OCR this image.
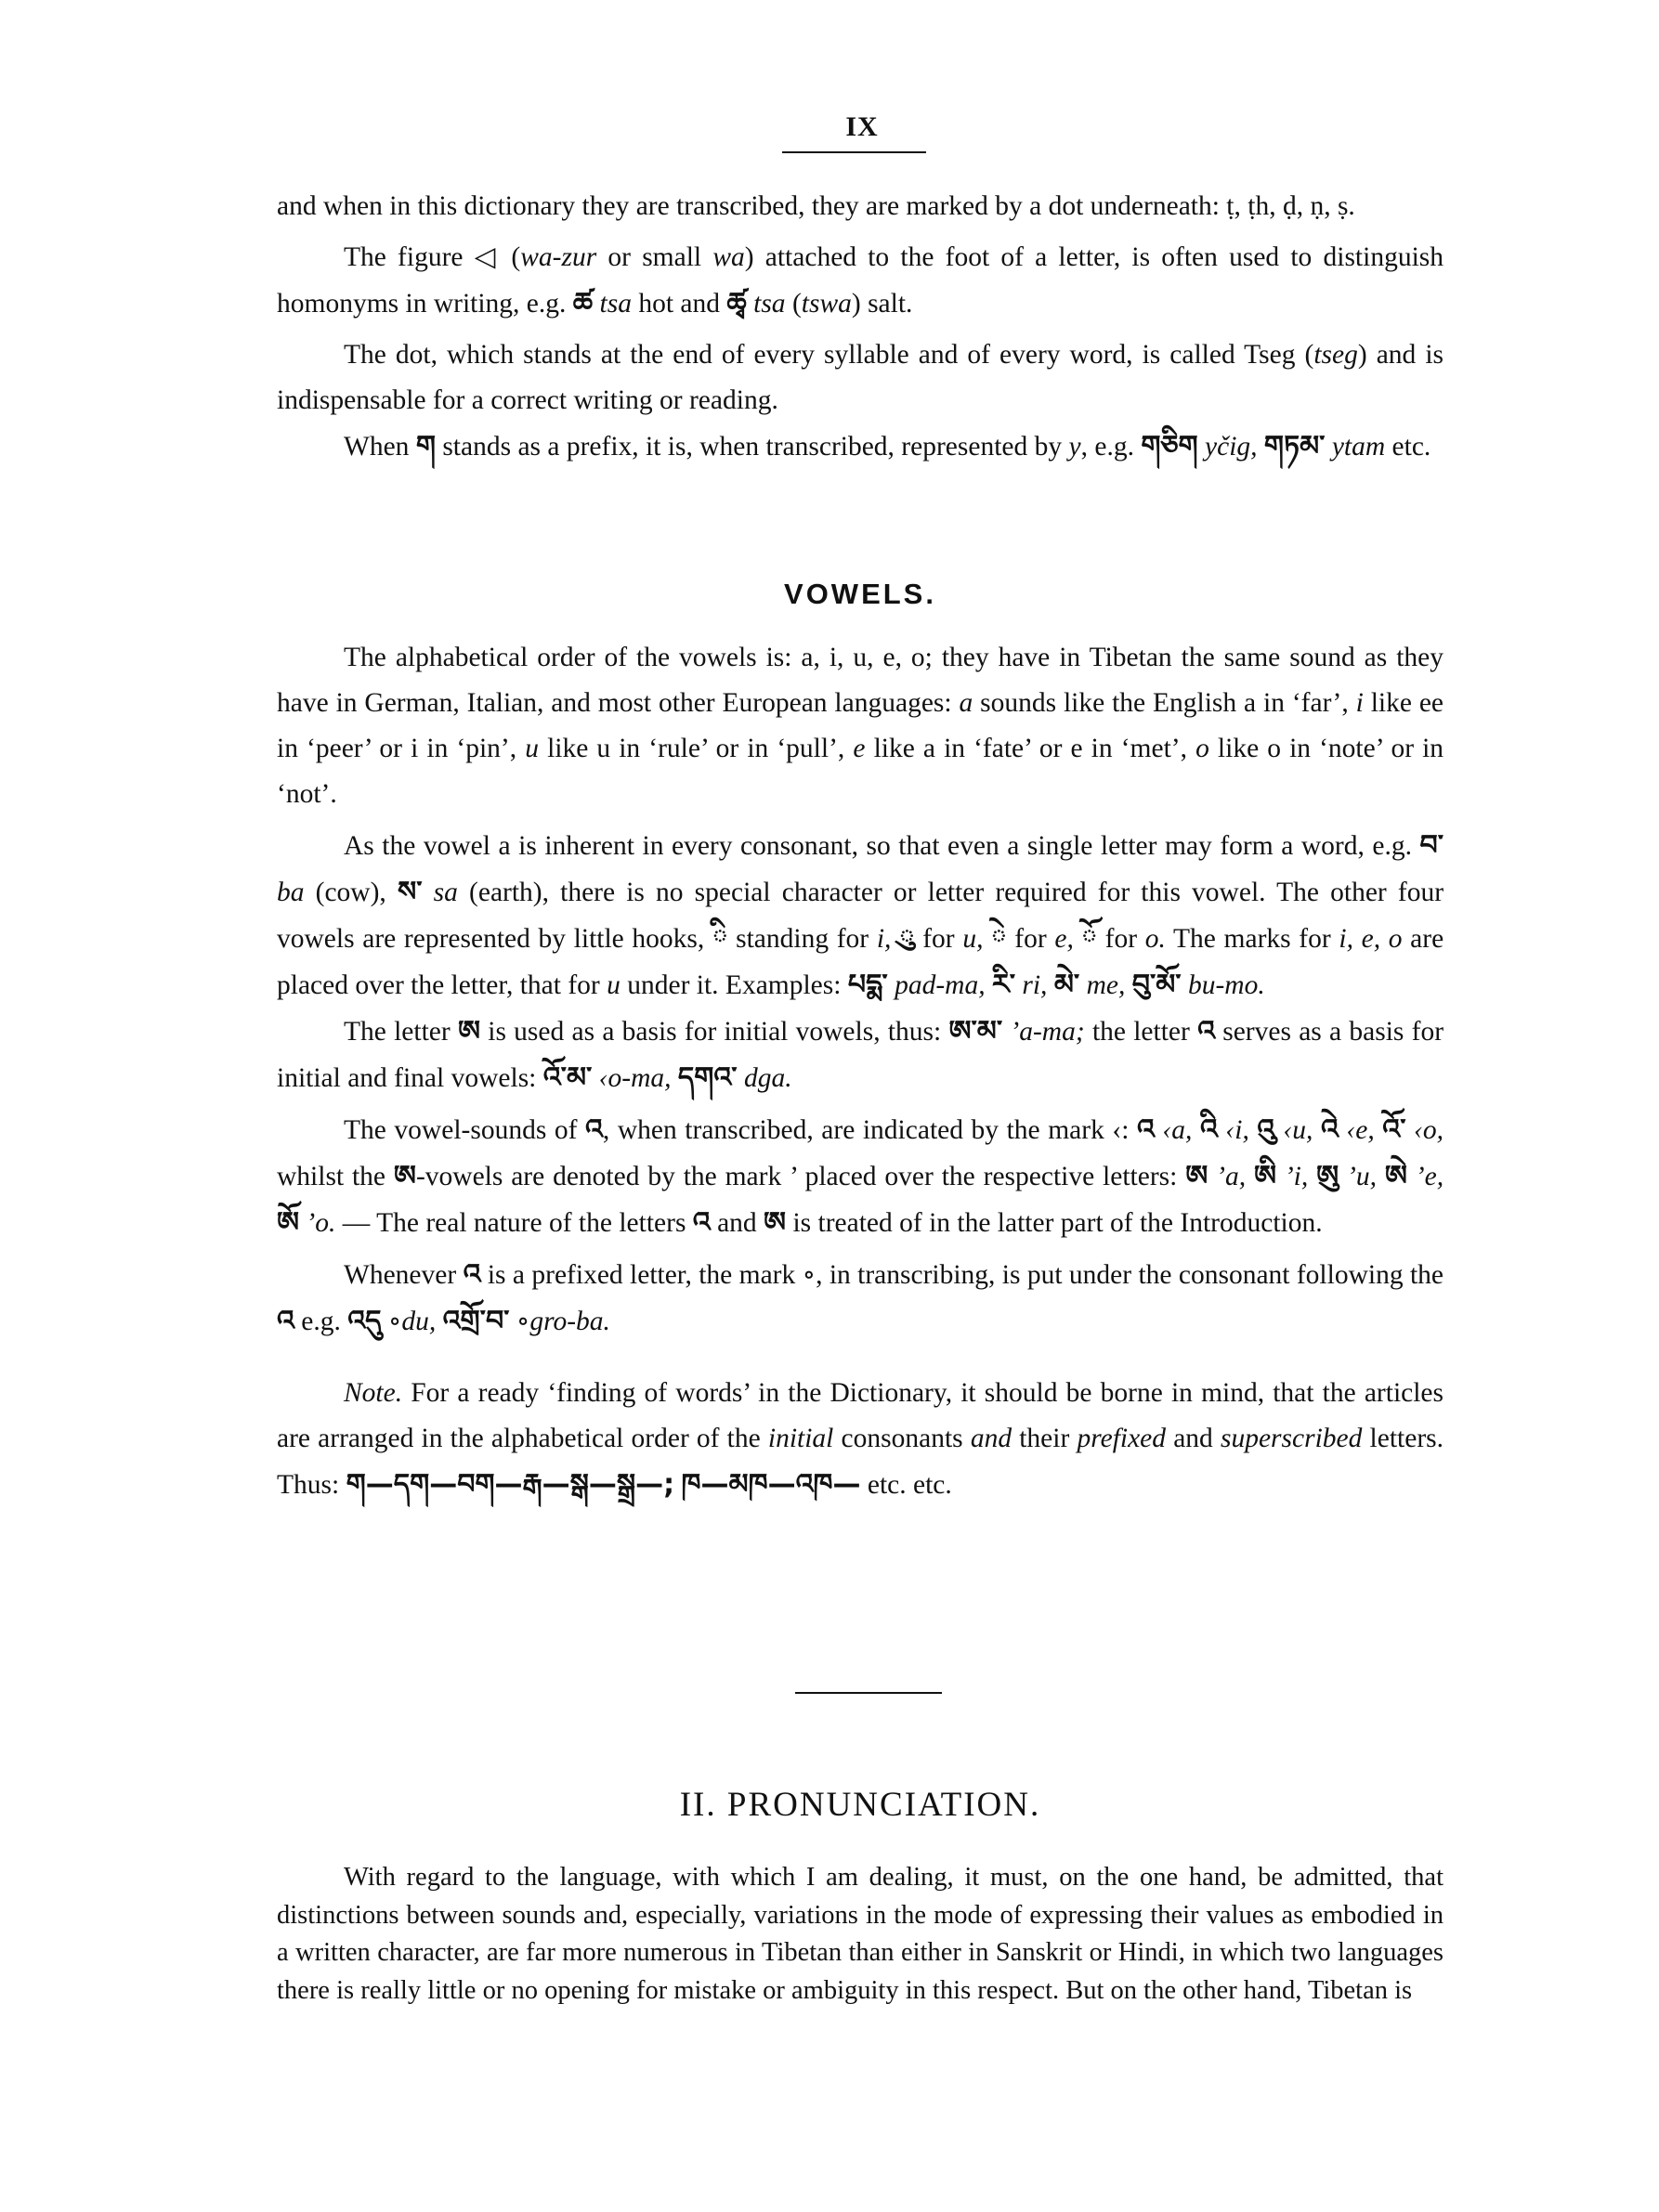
IX

and when in this dictionary they are transcribed, they are marked by a dot underneath: ṭ, ṭh, ḍ, ṇ, ṣ.

The figure ◁ (wa-zur or small wa) attached to the foot of a letter, is often used to distinguish homonyms in writing, e.g. ཚ tsa hot and ཚྭ tsa (tswa) salt.

The dot, which stands at the end of every syllable and of every word, is called Tseg (tseg) and is indispensable for a correct writing or reading.

When ག stands as a prefix, it is, when transcribed, represented by y, e.g. གཅིག yčig, གཏམ་ ytam etc.

VOWELS.

The alphabetical order of the vowels is: a, i, u, e, o; they have in Tibetan the same sound as they have in German, Italian, and most other European languages: a sounds like the English a in ‘far’, i like ee in ‘peer’ or i in ‘pin’, u like u in ‘rule’ or in ‘pull’, e like a in ‘fate’ or e in ‘met’, o like o in ‘note’ or in ‘not’.

As the vowel a is inherent in every consonant, so that even a single letter may form a word, e.g. བ་ ba (cow), ས་ sa (earth), there is no special character or letter required for this vowel. The other four vowels are represented by little hooks, ི standing for i, ུ for u, ེ for e, ོ for o. The marks for i, e, o are placed over the letter, that for u under it. Examples: པདྨ་ pad-ma, རི་ ri, མེ་ me, བུ་མོ་ bu-mo.

The letter ཨ is used as a basis for initial vowels, thus: ཨ་མ་ ’a-ma; the letter འ serves as a basis for initial and final vowels: འོ་མ་ ‹o-ma, དགའ་ dga.

The vowel-sounds of འ, when transcribed, are indicated by the mark ‹: འ ‹a, འི ‹i, འུ ‹u, འེ ‹e, འོ་ ‹o, whilst the ཨ-vowels are denoted by the mark ’ placed over the respective letters: ཨ ’a, ཨི ’i, ཨུ ’u, ཨེ ’e, ཨོ ’o. — The real nature of the letters འ and ཨ is treated of in the latter part of the Introduction.

Whenever འ is a prefixed letter, the mark ∘, in transcribing, is put under the consonant following the འ e.g. འདུ ∘du, འགྲོ་བ་ ∘gro-ba.

Note. For a ready ‘finding of words’ in the Dictionary, it should be borne in mind, that the articles are arranged in the alphabetical order of the initial consonants and their prefixed and superscribed letters. Thus: ག—དག—བག—རྒ—སྒ—སྒྲ—; ཁ—མཁ—འཁ— etc. etc.

II. PRONUNCIATION.

With regard to the language, with which I am dealing, it must, on the one hand, be admitted, that distinctions between sounds and, especially, variations in the mode of expressing their values as embodied in a written character, are far more numerous in Tibetan than either in Sanskrit or Hindi, in which two languages there is really little or no opening for mistake or ambiguity in this respect. But on the other hand, Tibetan is
